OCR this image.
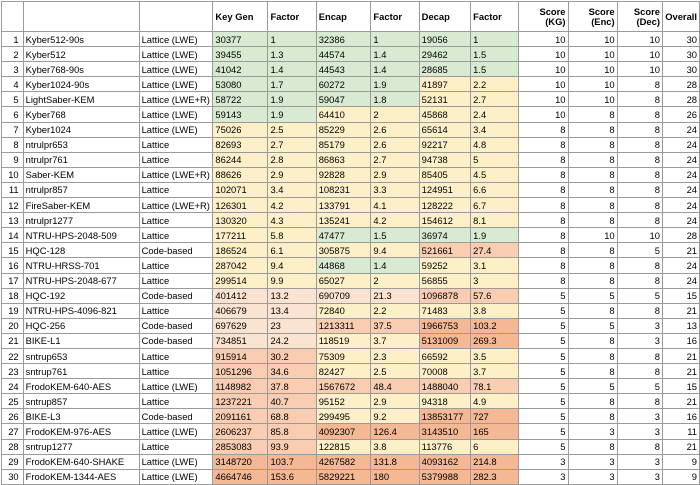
			Key Gen	Factor	Encap	Factor	Decap	Factor	Score (KG)	Score (Enc)	Score (Dec)	Overall
1	Kyber512-90s	Lattice (LWE)	30377	1	32386	1	19056	1	10	10	10	30
2	Kyber512	Lattice (LWE)	39455	1.3	44574	1.4	29462	1.5	10	10	10	30
3	Kyber768-90s	Lattice (LWE)	41042	1.4	44543	1.4	28685	1.5	10	10	10	30
4	Kyber1024-90s	Lattice (LWE)	53080	1.7	60272	1.9	41897	2.2	10	10	8	28
5	LightSaber-KEM	Lattice (LWE+R)	58722	1.9	59047	1.8	52131	2.7	10	10	8	28
6	Kyber768	Lattice (LWE)	59143	1.9	64410	2	45868	2.4	10	8	8	26
7	Kyber1024	Lattice (LWE)	75026	2.5	85229	2.6	65614	3.4	8	8	8	24
8	ntrulpr653	Lattice	82693	2.7	85179	2.6	92217	4.8	8	8	8	24
9	ntrulpr761	Lattice	86244	2.8	86863	2.7	94738	5	8	8	8	24
10	Saber-KEM	Lattice (LWE+R)	88626	2.9	92828	2.9	85405	4.5	8	8	8	24
11	ntrulpr857	Lattice	102071	3.4	108231	3.3	124951	6.6	8	8	8	24
12	FireSaber-KEM	Lattice (LWE+R)	126301	4.2	133791	4.1	128222	6.7	8	8	8	24
13	ntrulpr1277	Lattice	130320	4.3	135241	4.2	154612	8.1	8	8	8	24
14	NTRU-HPS-2048-509	Lattice	177211	5.8	47477	1.5	36974	1.9	8	10	10	28
15	HQC-128	Code-based	186524	6.1	305875	9.4	521661	27.4	8	8	5	21
16	NTRU-HRSS-701	Lattice	287042	9.4	44868	1.4	59252	3.1	8	8	8	24
17	NTRU-HPS-2048-677	Lattice	299514	9.9	65027	2	56855	3	8	8	8	24
18	HQC-192	Code-based	401412	13.2	690709	21.3	1096878	57.6	5	5	5	15
19	NTRU-HPS-4096-821	Lattice	406679	13.4	72840	2.2	71483	3.8	5	8	8	21
20	HQC-256	Code-based	697629	23	1213311	37.5	1966753	103.2	5	5	3	13
21	BIKE-L1	Code-based	734851	24.2	118519	3.7	5131009	269.3	5	8	3	16
22	sntrup653	Lattice	915914	30.2	75309	2.3	66592	3.5	5	8	8	21
23	sntrup761	Lattice	1051296	34.6	82427	2.5	70008	3.7	5	8	8	21
24	FrodoKEM-640-AES	Lattice (LWE)	1148982	37.8	1567672	48.4	1488040	78.1	5	5	5	15
25	sntrup857	Lattice	1237221	40.7	95152	2.9	94318	4.9	5	8	8	21
26	BIKE-L3	Code-based	2091161	68.8	299495	9.2	13853177	727	5	8	3	16
27	FrodoKEM-976-AES	Lattice (LWE)	2606237	85.8	4092307	126.4	3143510	165	5	3	3	11
28	sntrup1277	Lattice	2853083	93.9	122815	3.8	113776	6	5	8	8	21
29	FrodoKEM-640-SHAKE	Lattice (LWE)	3148720	103.7	4267582	131.8	4093162	214.8	3	3	3	9
30	FrodoKEM-1344-AES	Lattice (LWE)	4664746	153.6	5829221	180	5379988	282.3	3	3	3	9
